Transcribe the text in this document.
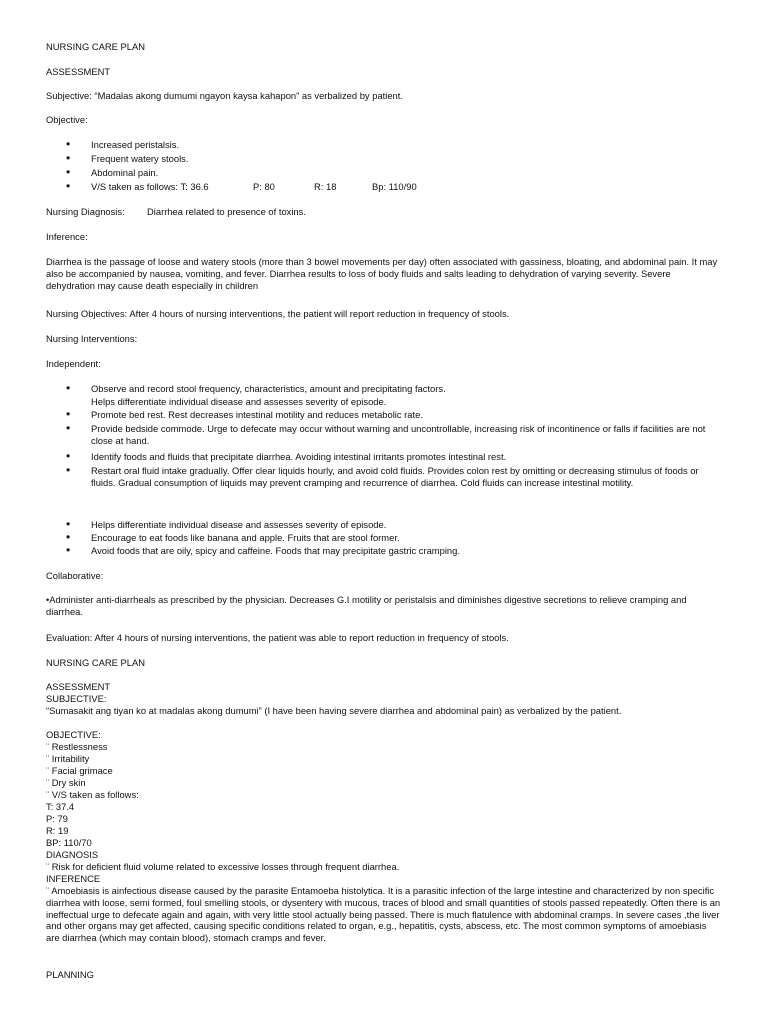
NURSING CARE PLAN
ASSESSMENT
Subjective: “Madalas akong dumumi ngayon kaysa kahapon” as verbalized by patient.
Objective:
• Increased peristalsis.
• Frequent watery stools.
• Abdominal pain.
• V/S taken as follows: T: 36.6	P: 80	R: 18	Bp: 110/90
Nursing Diagnosis: Diarrhea related to presence of toxins.
Inference:
Diarrhea is the passage of loose and watery stools (more than 3 bowel movements per day) often associated with gassiness, bloating, and abdominal pain. It may also be accompanied by nausea, vomiting, and fever. Diarrhea results to loss of body fluids and salts leading to dehydration of varying severity. Severe dehydration may cause death especially in children
Nursing Objectives: After 4 hours of nursing interventions, the patient will report reduction in frequency of stools.
Nursing Interventions:
Independent:
• Observe and record stool frequency, characteristics, amount and precipitating factors.
Helps differentiate individual disease and assesses severity of episode.
• Promote bed rest. Rest decreases intestinal motility and reduces metabolic rate.
• Provide bedside commode. Urge to defecate may occur without warning and uncontrollable, increasing risk of incontinence or falls if facilities are not close at hand.
• Identify foods and fluids that precipitate diarrhea. Avoiding intestinal irritants promotes intestinal rest.
• Restart oral fluid intake gradually. Offer clear liquids hourly, and avoid cold fluids. Provides colon rest by omitting or decreasing stimulus of foods or fluids. Gradual consumption of liquids may prevent cramping and recurrence of diarrhea. Cold fluids can increase intestinal motility.
• Helps differentiate individual disease and assesses severity of episode.
• Encourage to eat foods like banana and apple. Fruits that are stool former.
• Avoid foods that are oily, spicy and caffeine. Foods that may precipitate gastric cramping.
Collaborative:
•Administer anti-diarrheals as prescribed by the physician. Decreases G.I motility or peristalsis and diminishes digestive secretions to relieve cramping and diarrhea.
Evaluation: After 4 hours of nursing interventions, the patient was able to report reduction in frequency of stools.
NURSING CARE PLAN
ASSESSMENT
SUBJECTIVE:
“Sumasakit ang tiyan ko at madalas akong dumumi” (I have been having severe diarrhea and abdominal pain) as verbalized by the patient.
OBJECTIVE:
¨ Restlessness
¨ Irritability
¨ Facial grimace
¨ Dry skin
¨ V/S taken as follows:
T: 37.4
P: 79
R: 19
BP: 110/70
DIAGNOSIS
¨ Risk for deficient fluid volume related to excessive losses through frequent diarrhea.
INFERENCE
¨ Amoebiasis is ainfectious disease caused by the parasite Entamoeba histolytica. It is a parasitic infection of the large intestine and characterized by non specific diarrhea with loose, semi formed, foul smelling stools, or dysentery with mucous, traces of blood and small quantities of stools passed repeatedly. Often there is an ineffectual urge to defecate again and again, with very little stool actually being passed. There is much flatulence with abdominal cramps. In severe cases ,the liver and other organs may get affected, causing specific conditions related to organ, e.g., hepatitis, cysts, abscess, etc. The most common symptoms of amoebiasis are diarrhea (which may contain blood), stomach cramps and fever.
PLANNING
